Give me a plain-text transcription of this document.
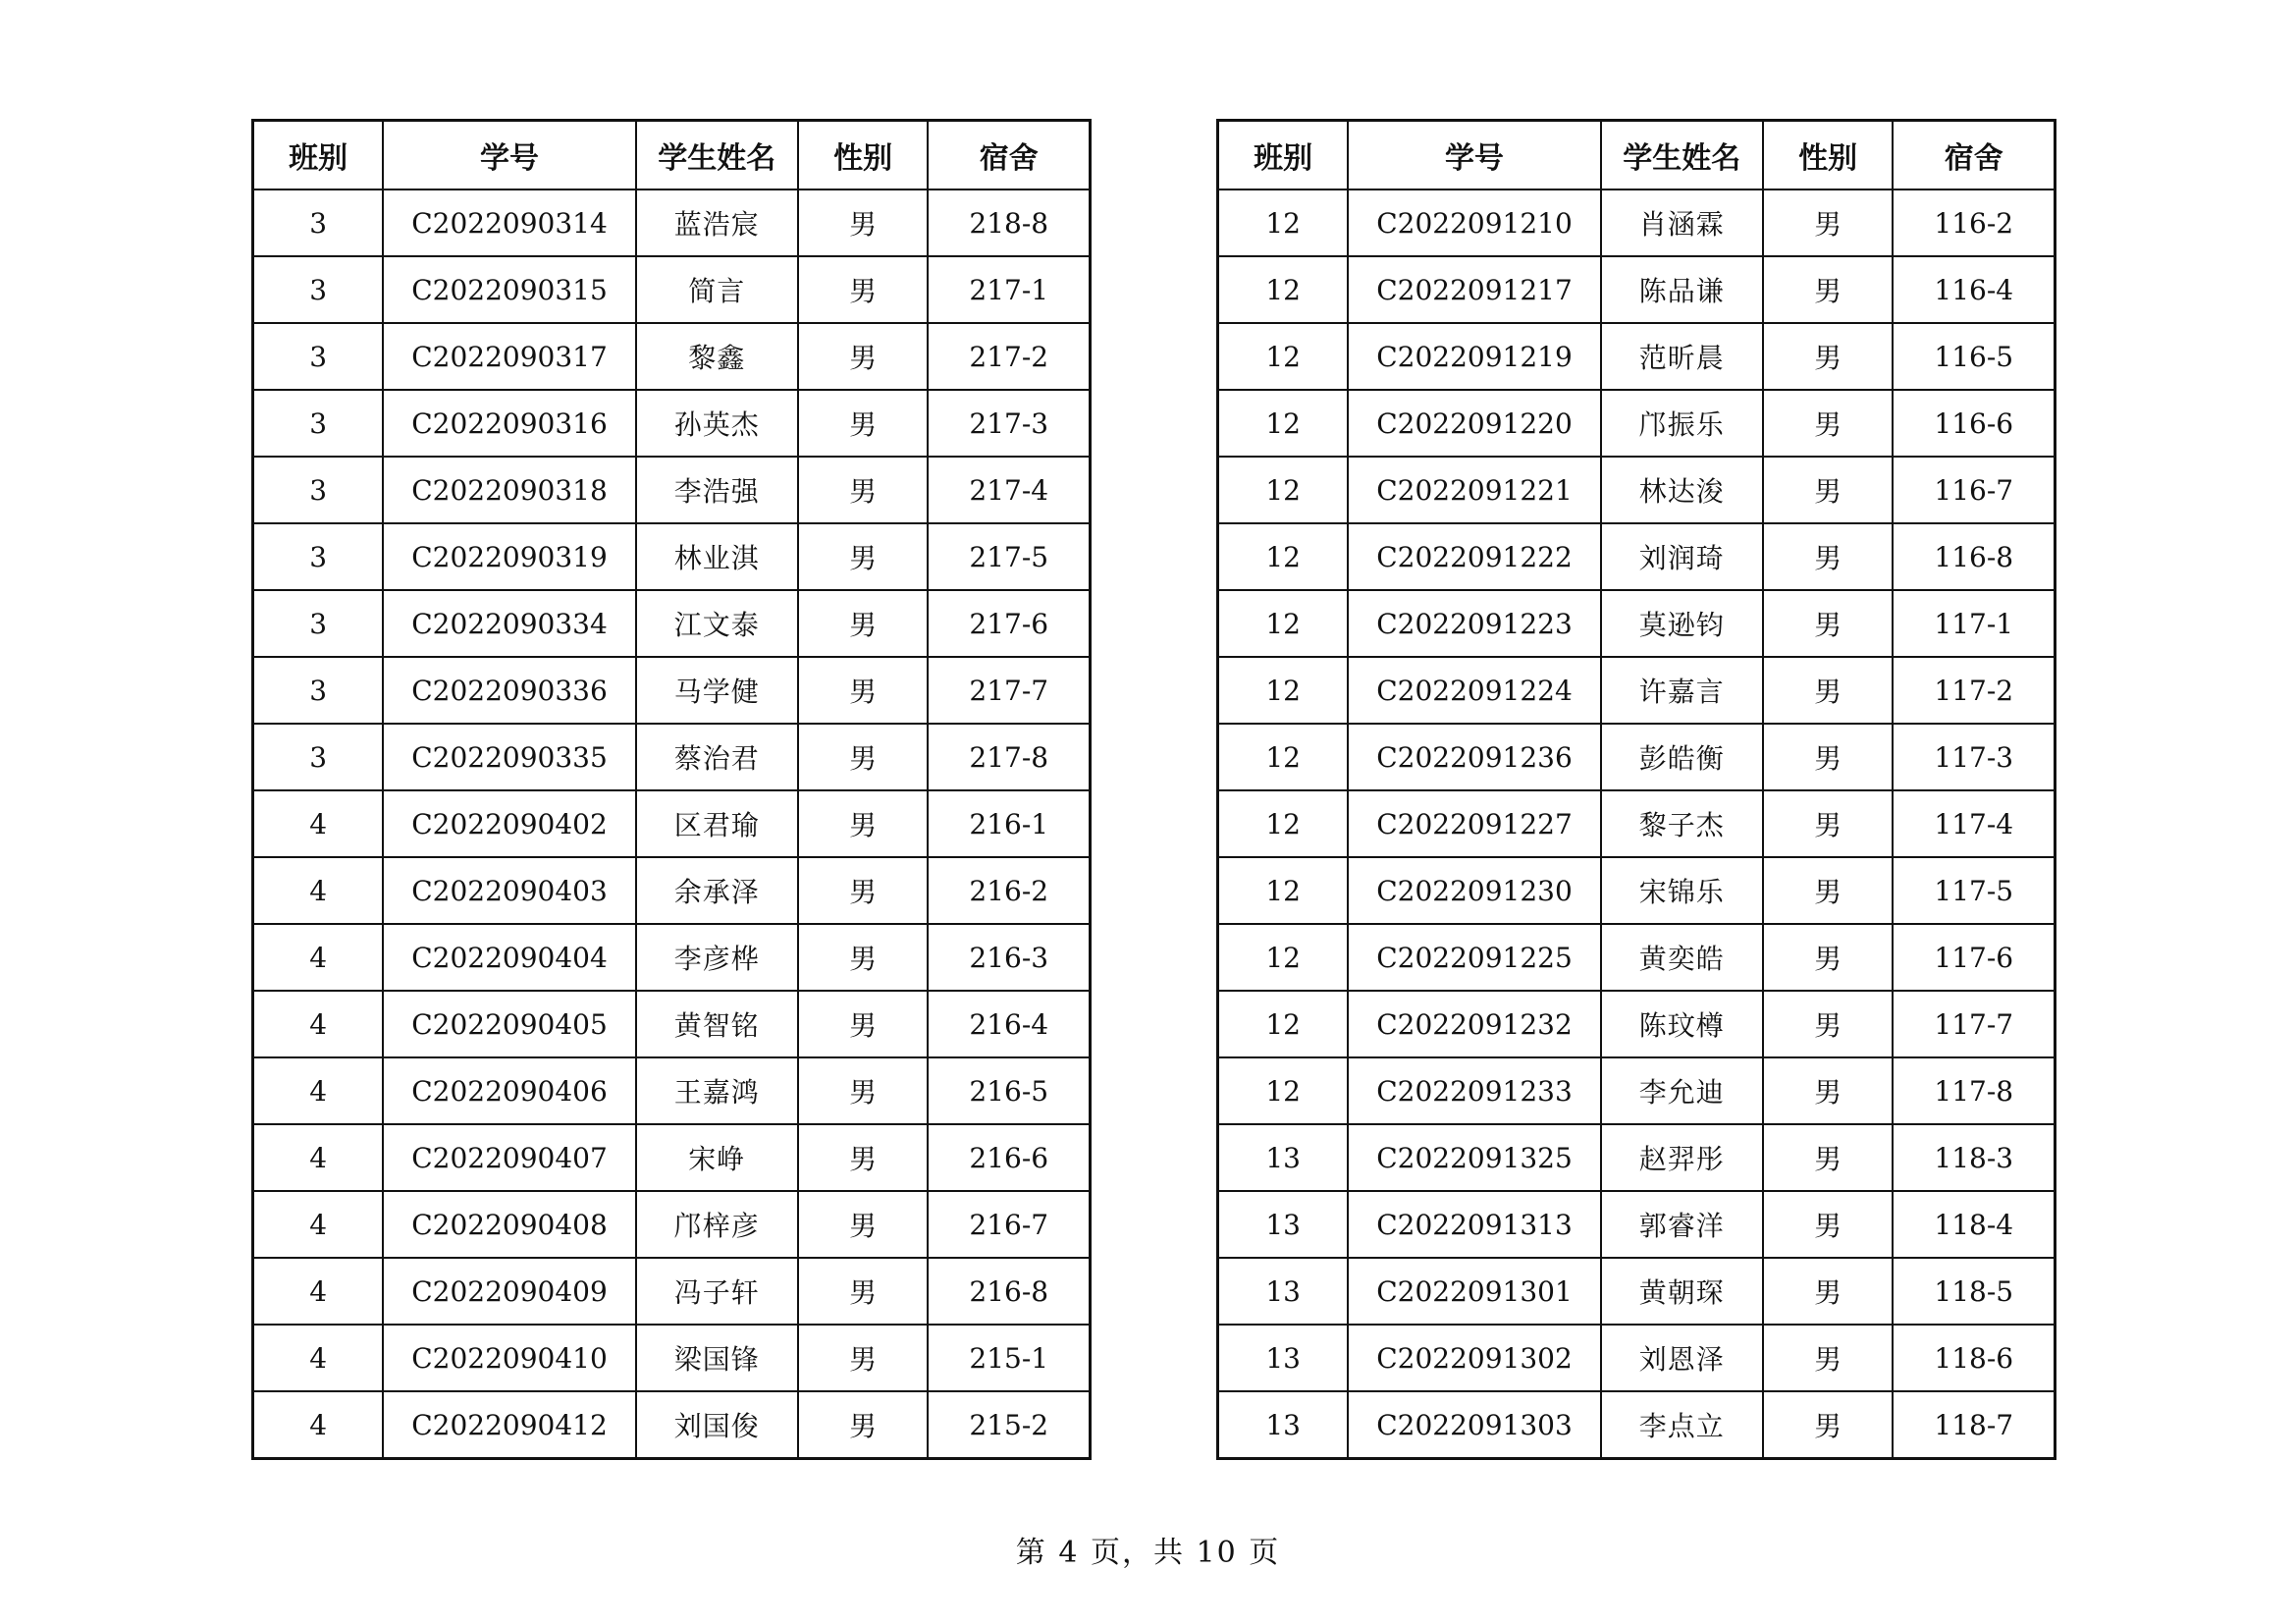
班别	学号	学生姓名	性别	宿舍
3	C2022090314	蓝浩宸	男	218-8
3	C2022090315	简言	男	217-1
3	C2022090317	黎鑫	男	217-2
3	C2022090316	孙英杰	男	217-3
3	C2022090318	李浩强	男	217-4
3	C2022090319	林业淇	男	217-5
3	C2022090334	江文泰	男	217-6
3	C2022090336	马学健	男	217-7
3	C2022090335	蔡治君	男	217-8
4	C2022090402	区君瑜	男	216-1
4	C2022090403	余承泽	男	216-2
4	C2022090404	李彦桦	男	216-3
4	C2022090405	黄智铭	男	216-4
4	C2022090406	王嘉鸿	男	216-5
4	C2022090407	宋峥	男	216-6
4	C2022090408	邝梓彦	男	216-7
4	C2022090409	冯子轩	男	216-8
4	C2022090410	梁国锋	男	215-1
4	C2022090412	刘国俊	男	215-2
班别	学号	学生姓名	性别	宿舍
12	C2022091210	肖涵霖	男	116-2
12	C2022091217	陈品谦	男	116-4
12	C2022091219	范昕晨	男	116-5
12	C2022091220	邝振乐	男	116-6
12	C2022091221	林达浚	男	116-7
12	C2022091222	刘润琦	男	116-8
12	C2022091223	莫逊钧	男	117-1
12	C2022091224	许嘉言	男	117-2
12	C2022091236	彭皓衡	男	117-3
12	C2022091227	黎子杰	男	117-4
12	C2022091230	宋锦乐	男	117-5
12	C2022091225	黄奕皓	男	117-6
12	C2022091232	陈玟樽	男	117-7
12	C2022091233	李允迪	男	117-8
13	C2022091325	赵羿彤	男	118-3
13	C2022091313	郭睿洋	男	118-4
13	C2022091301	黄朝琛	男	118-5
13	C2022091302	刘恩泽	男	118-6
13	C2022091303	李点立	男	118-7
第 4 页，共 10 页
